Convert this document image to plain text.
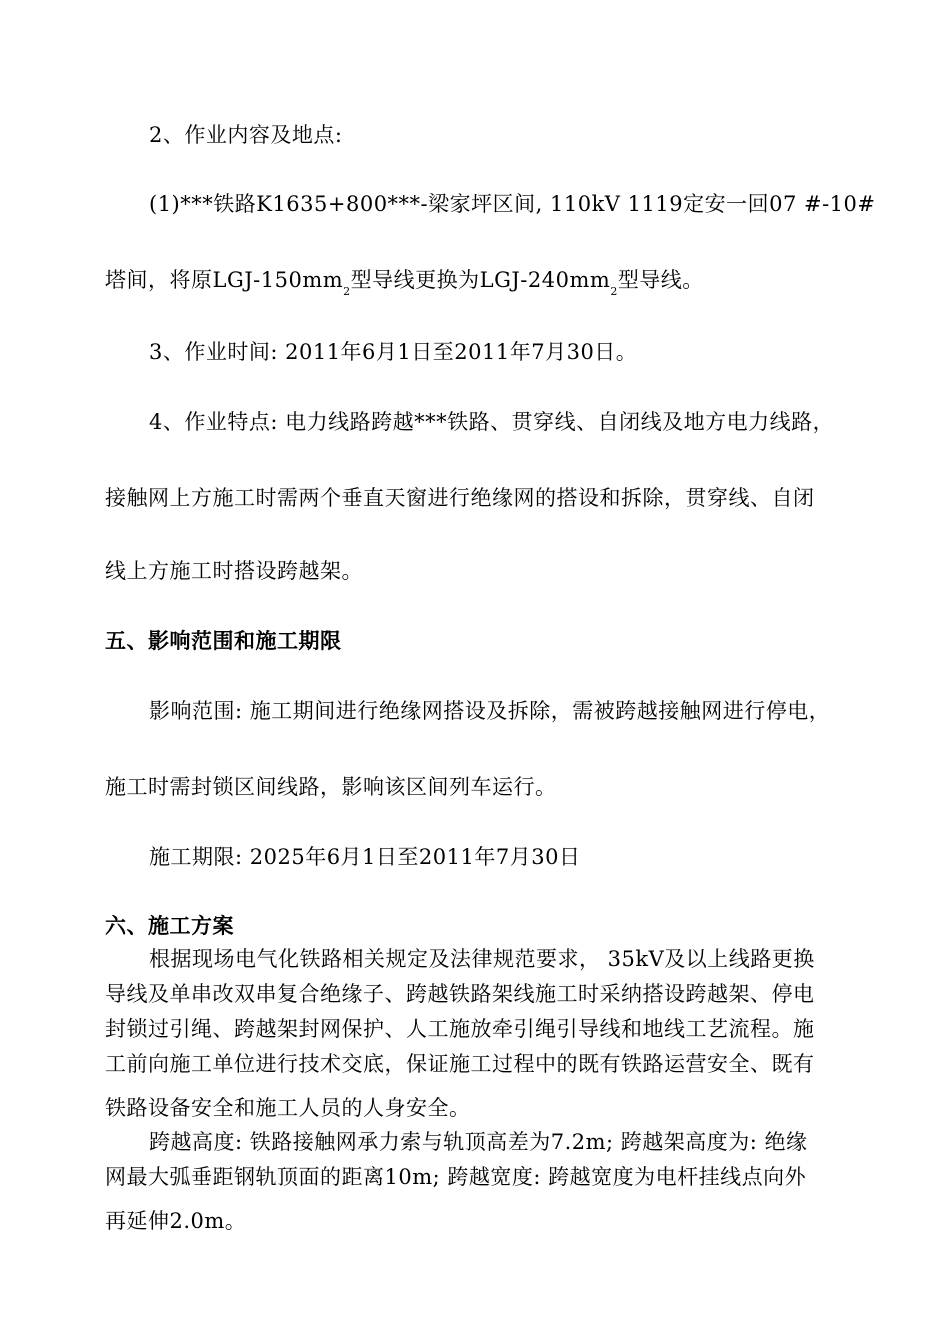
2、作业内容及地点:
(1)***铁路K1635+800***-梁家坪区间, 110kV 1119定安一回07 #-10#
塔间，将原LGJ-$150mm_2$型导线更换为LGJ-$240mm_2$型导线。
3、作业时间: 2011年6月1日至2011年7月30日。
4、作业特点: 电力线路跨越***铁路、贯穿线、自闭线及地方电力线路，
接触网上方施工时需两个垂直天窗进行绝缘网的搭设和拆除，贯穿线、自闭
线上方施工时搭设跨越架。
五、影响范围和施工期限
影响范围: 施工期间进行绝缘网搭设及拆除，需被跨越接触网进行停电，
施工时需封锁区间线路，影响该区间列车运行。
施工期限: 2025年6月1日至2011年7月30日
六、施工方案
根据现场电气化铁路相关规定及法律规范要求， 35kV及以上线路更换
导线及单串改双串复合绝缘子、跨越铁路架线施工时采纳搭设跨越架、停电
封锁过引绳、跨越架封网保护、人工施放牵引绳引导线和地线工艺流程。施
工前向施工单位进行技术交底，保证施工过程中的既有铁路运营安全、既有
铁路设备安全和施工人员的人身安全。
跨越高度: 铁路接触网承力索与轨顶高差为7.2m; 跨越架高度为: 绝缘
网最大弧垂距钢轨顶面的距离10m; 跨越宽度: 跨越宽度为电杆挂线点向外
再延伸2.0m。
